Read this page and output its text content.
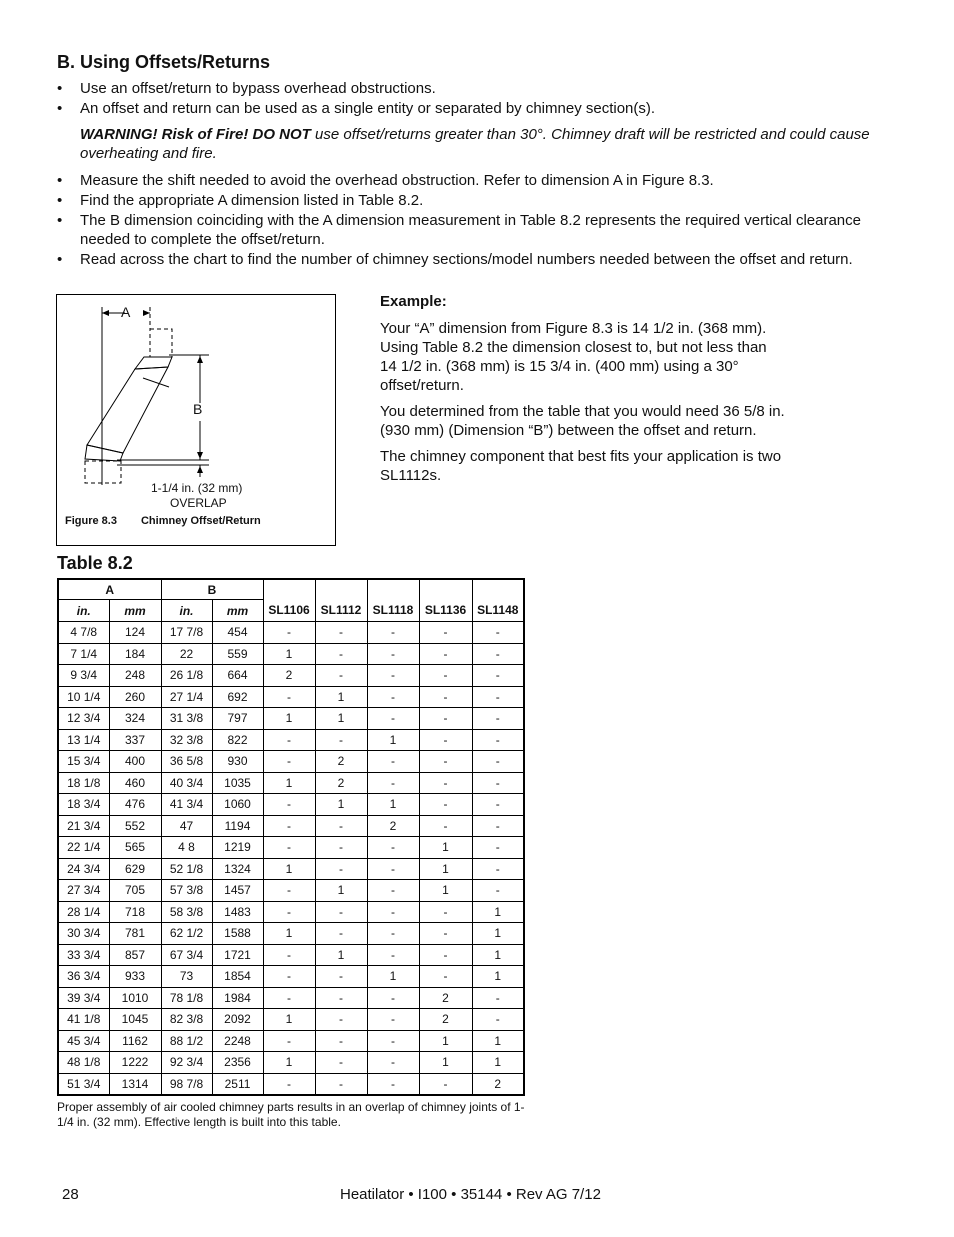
B. Using Offsets/Returns
• Use an offset/return to bypass overhead obstructions.
• An offset and return can be used as a single entity or separated by chimney section(s).
WARNING! Risk of Fire! DO NOT use offset/returns greater than 30°. Chimney draft will be restricted and could cause overheating and fire.
• Measure the shift needed to avoid the overhead obstruction. Refer to dimension A in Figure 8.3.
• Find the appropriate A dimension listed in Table 8.2.
• The B dimension coinciding with the A dimension measurement in Table 8.2 represents the required vertical clearance needed to complete the offset/return.
• Read across the chart to find the number of chimney sections/model numbers needed between the offset and return.
A
B
1-1/4 in. (32 mm)
OVERLAP
Figure 8.3 Chimney Offset/Return
Example:

Your “A” dimension from Figure 8.3 is 14 1/2 in. (368 mm). Using Table 8.2 the dimension closest to, but not less than 14 1/2 in. (368 mm) is 15 3/4 in. (400 mm) using a 30° offset/return.

You determined from the table that you would need 36 5/8 in. (930 mm) (Dimension “B”) between the offset and return.

The chimney component that best fits your application is two SL1112s.

Table 8.2
A		B		SL1106	SL1112	SL1118	SL1136	SL1148
in.	mm	in.	mm					
4 7/8	124	17 7/8	454	-	-	-	-	-
7 1/4	184	22	559	1	-	-	-	-
9 3/4	248	26 1/8	664	2	-	-	-	-
10 1/4	260	27 1/4	692	-	1	-	-	-
12 3/4	324	31 3/8	797	1	1	-	-	-
13 1/4	337	32 3/8	822	-	-	1	-	-
15 3/4	400	36 5/8	930	-	2	-	-	-
18 1/8	460	40 3/4	1035	1	2	-	-	-
18 3/4	476	41 3/4	1060	-	1	1	-	-
21 3/4	552	47	1194	-	-	2	-	-
22 1/4	565	4 8	1219	-	-	-	1	-
24 3/4	629	52 1/8	1324	1	-	-	1	-
27 3/4	705	57 3/8	1457	-	1	-	1	-
28 1/4	718	58 3/8	1483	-	-	-	-	1
30 3/4	781	62 1/2	1588	1	-	-	-	1
33 3/4	857	67 3/4	1721	-	1	-	-	1
36 3/4	933	73	1854	-	-	1	-	1
39 3/4	1010	78 1/8	1984	-	-	-	2	-
41 1/8	1045	82 3/8	2092	1	-	-	2	-
45 3/4	1162	88 1/2	2248	-	-	-	1	1
48 1/8	1222	92 3/4	2356	1	-	-	1	1
51 3/4	1314	98 7/8	2511	-	-	-	-	2
Proper assembly of air cooled chimney parts results in an overlap of chimney joints of 1-1/4 in. (32 mm). Effective length is built into this table.
28	Heatilator • I100 • 35144 • Rev AG 7/12
